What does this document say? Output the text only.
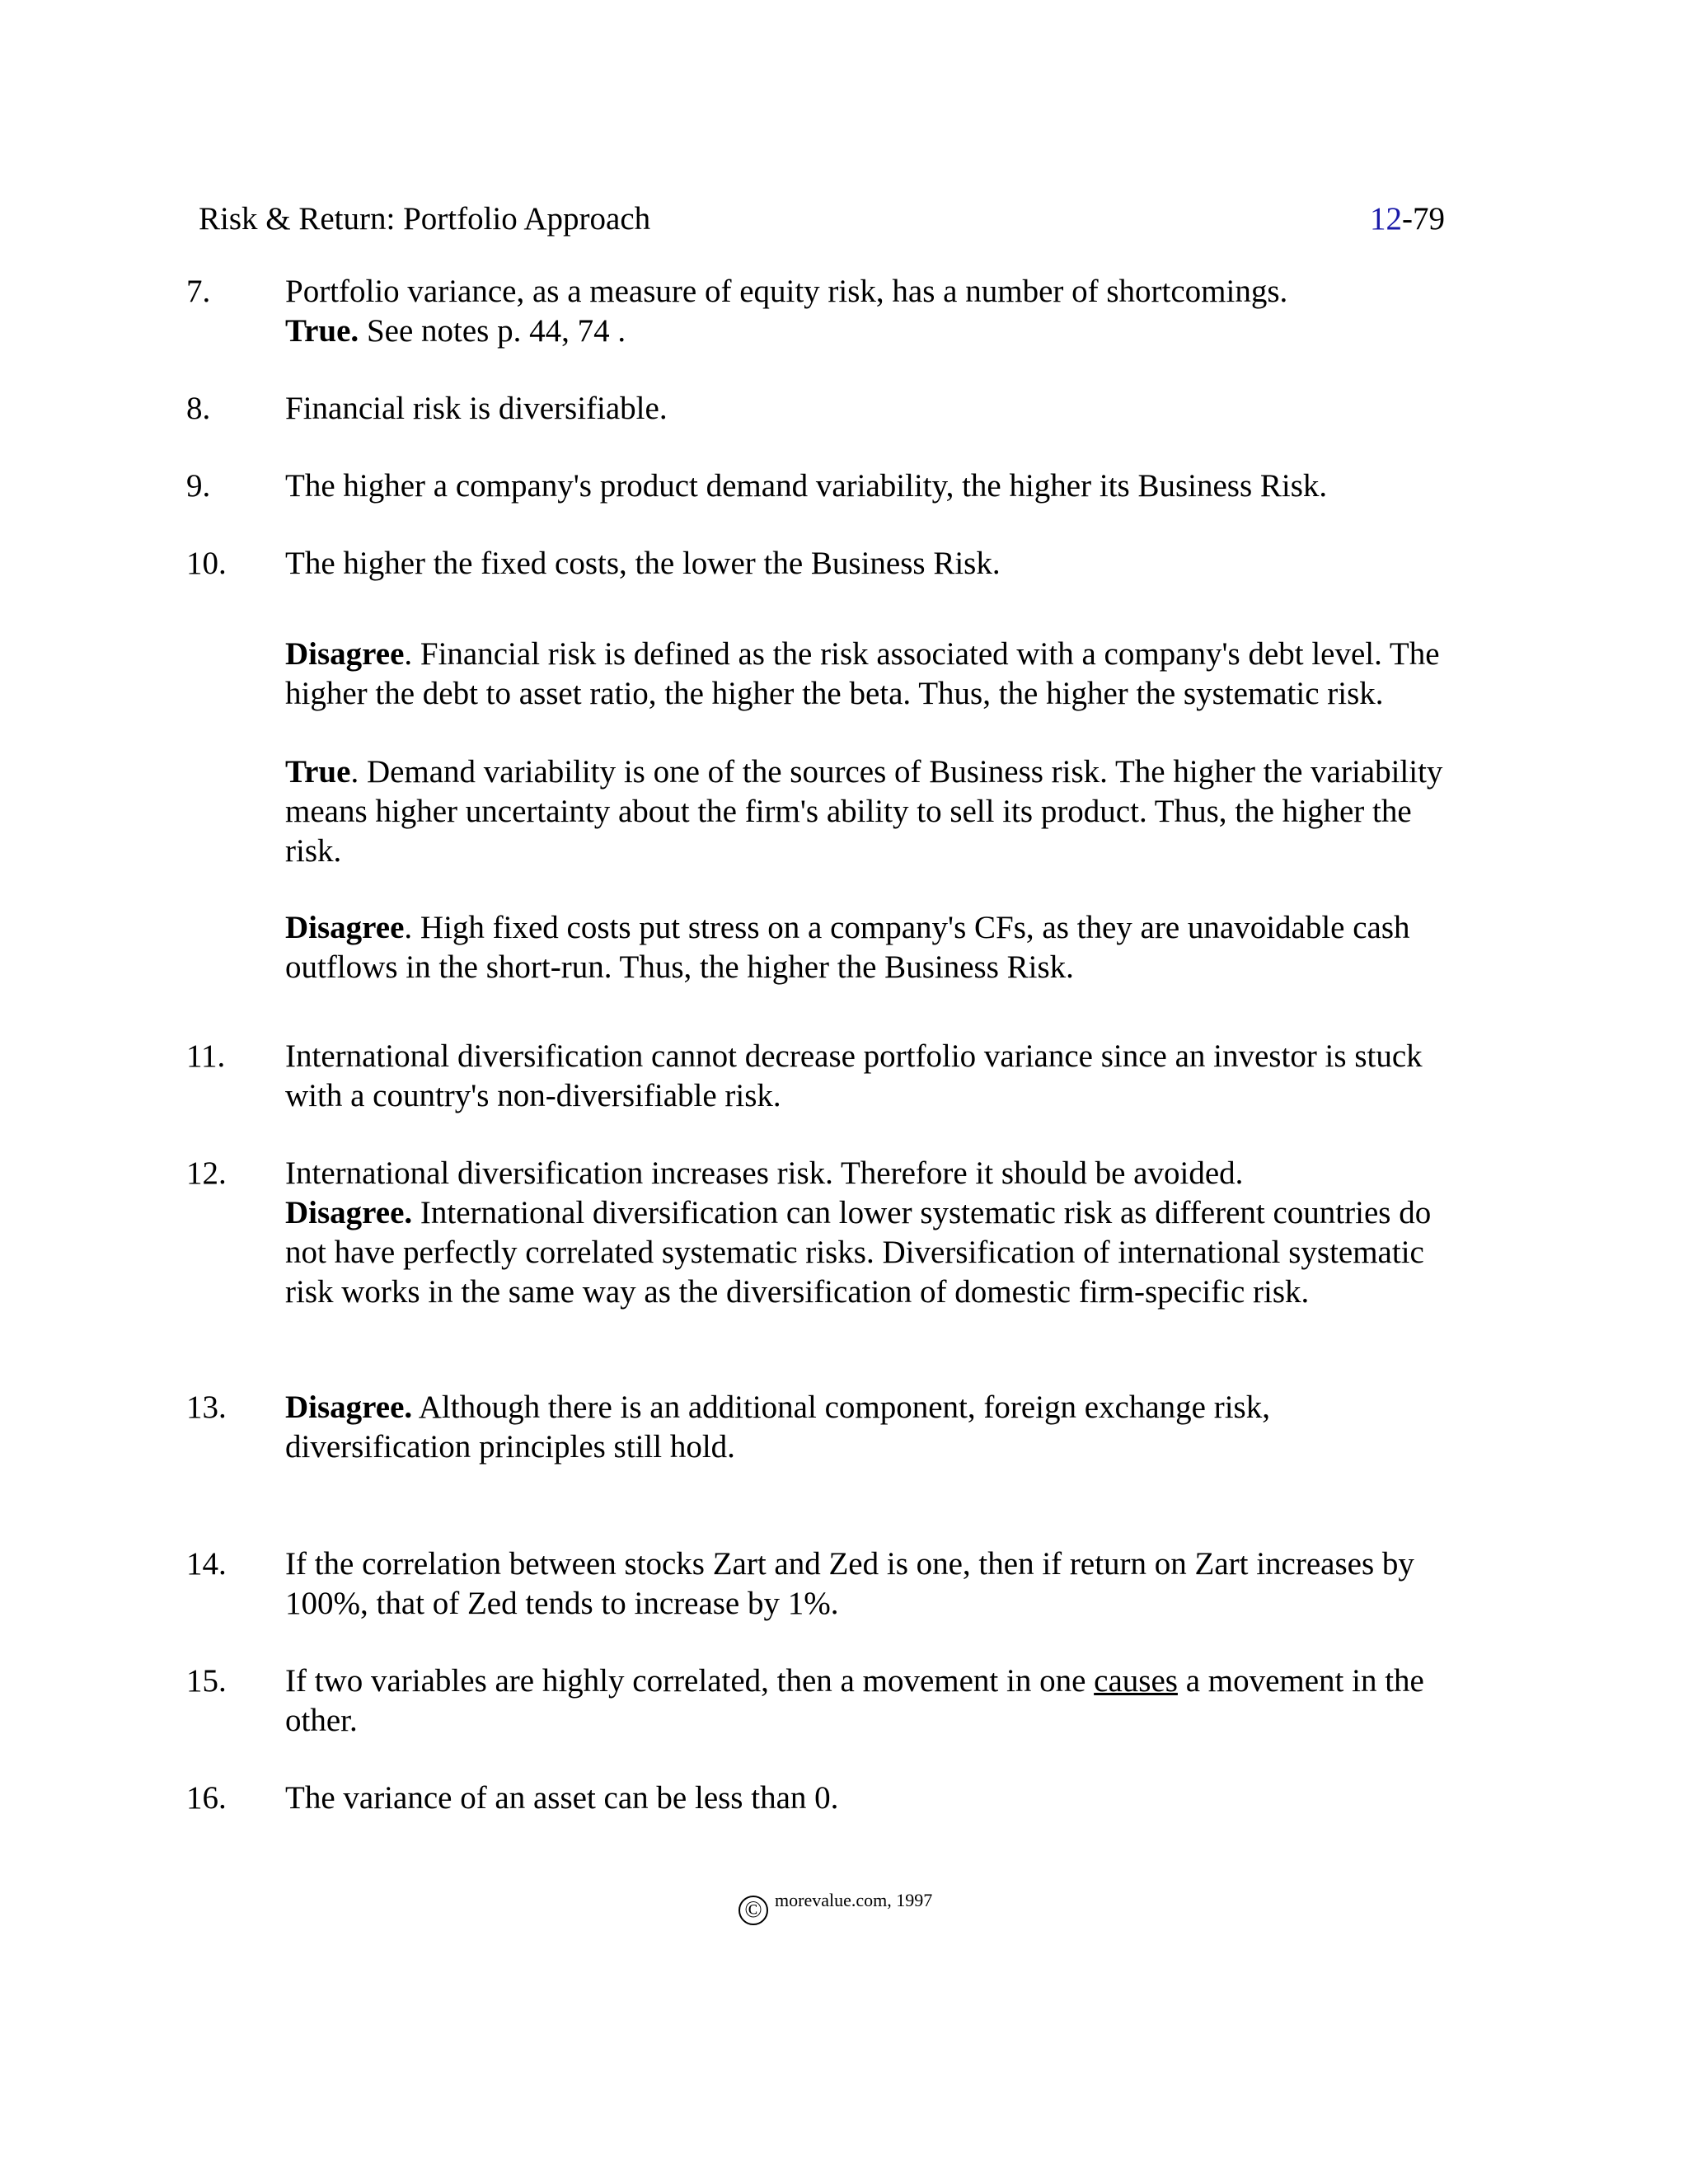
Risk & Return: Portfolio Approach	12-79
7. Portfolio variance, as a measure of equity risk, has a number of shortcomings.
True. See notes p. 44, 74 .
8. Financial risk is diversifiable.
9. The higher a company's product demand variability, the higher its Business Risk.
10. The higher the fixed costs, the lower the Business Risk.
Disagree. Financial risk is defined as the risk associated with a company's debt level. The
higher the debt to asset ratio, the higher the beta. Thus, the higher the systematic risk.
True. Demand variability is one of the sources of Business risk. The higher the variability
means higher uncertainty about the firm's ability to sell its product. Thus, the higher the
risk.
Disagree. High fixed costs put stress on a company's CFs, as they are unavoidable cash
outflows in the short-run. Thus, the higher the Business Risk.
11. International diversification cannot decrease portfolio variance since an investor is stuck
with a country's non-diversifiable risk.
12. International diversification increases risk. Therefore it should be avoided.
Disagree. International diversification can lower systematic risk as different countries do
not have perfectly correlated systematic risks. Diversification of international systematic
risk works in the same way as the diversification of domestic firm-specific risk.
13. Disagree. Although there is an additional component, foreign exchange risk,
diversification principles still hold.
14. If the correlation between stocks Zart and Zed is one, then if return on Zart increases by
100%, that of Zed tends to increase by 1%.
15. If two variables are highly correlated, then a movement in one causes a movement in the
other.
16. The variance of an asset can be less than 0.
© morevalue.com, 1997
